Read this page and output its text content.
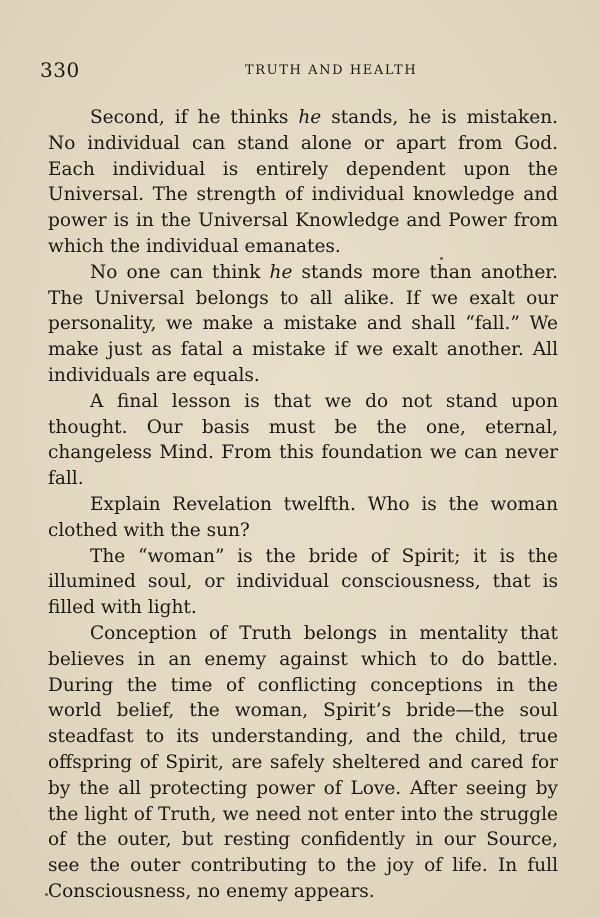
330	TRUTH AND HEALTH

Second, if he thinks he stands, he is mistaken. No individual can stand alone or apart from God. Each individual is entirely dependent upon the Universal. The strength of individual knowledge and power is in the Universal Knowledge and Power from which the individual emanates.

No one can think he stands more than another. The Universal belongs to all alike. If we exalt our personality, we make a mistake and shall “fall.” We make just as fatal a mistake if we exalt another. All individuals are equals.

A final lesson is that we do not stand upon thought. Our basis must be the one, eternal, changeless Mind. From this foundation we can never fall.

Explain Revelation twelfth. Who is the woman clothed with the sun?

The “woman” is the bride of Spirit; it is the illumined soul, or individual consciousness, that is filled with light.

Conception of Truth belongs in mentality that believes in an enemy against which to do battle. During the time of conflicting conceptions in the world belief, the woman, Spirit’s bride—the soul steadfast to its understanding, and the child, true offspring of Spirit, are safely sheltered and cared for by the all protecting power of Love. After seeing by the light of Truth, we need not enter into the struggle of the outer, but resting confidently in our Source, see the outer contributing to the joy of life. In full Consciousness, no enemy appears.
